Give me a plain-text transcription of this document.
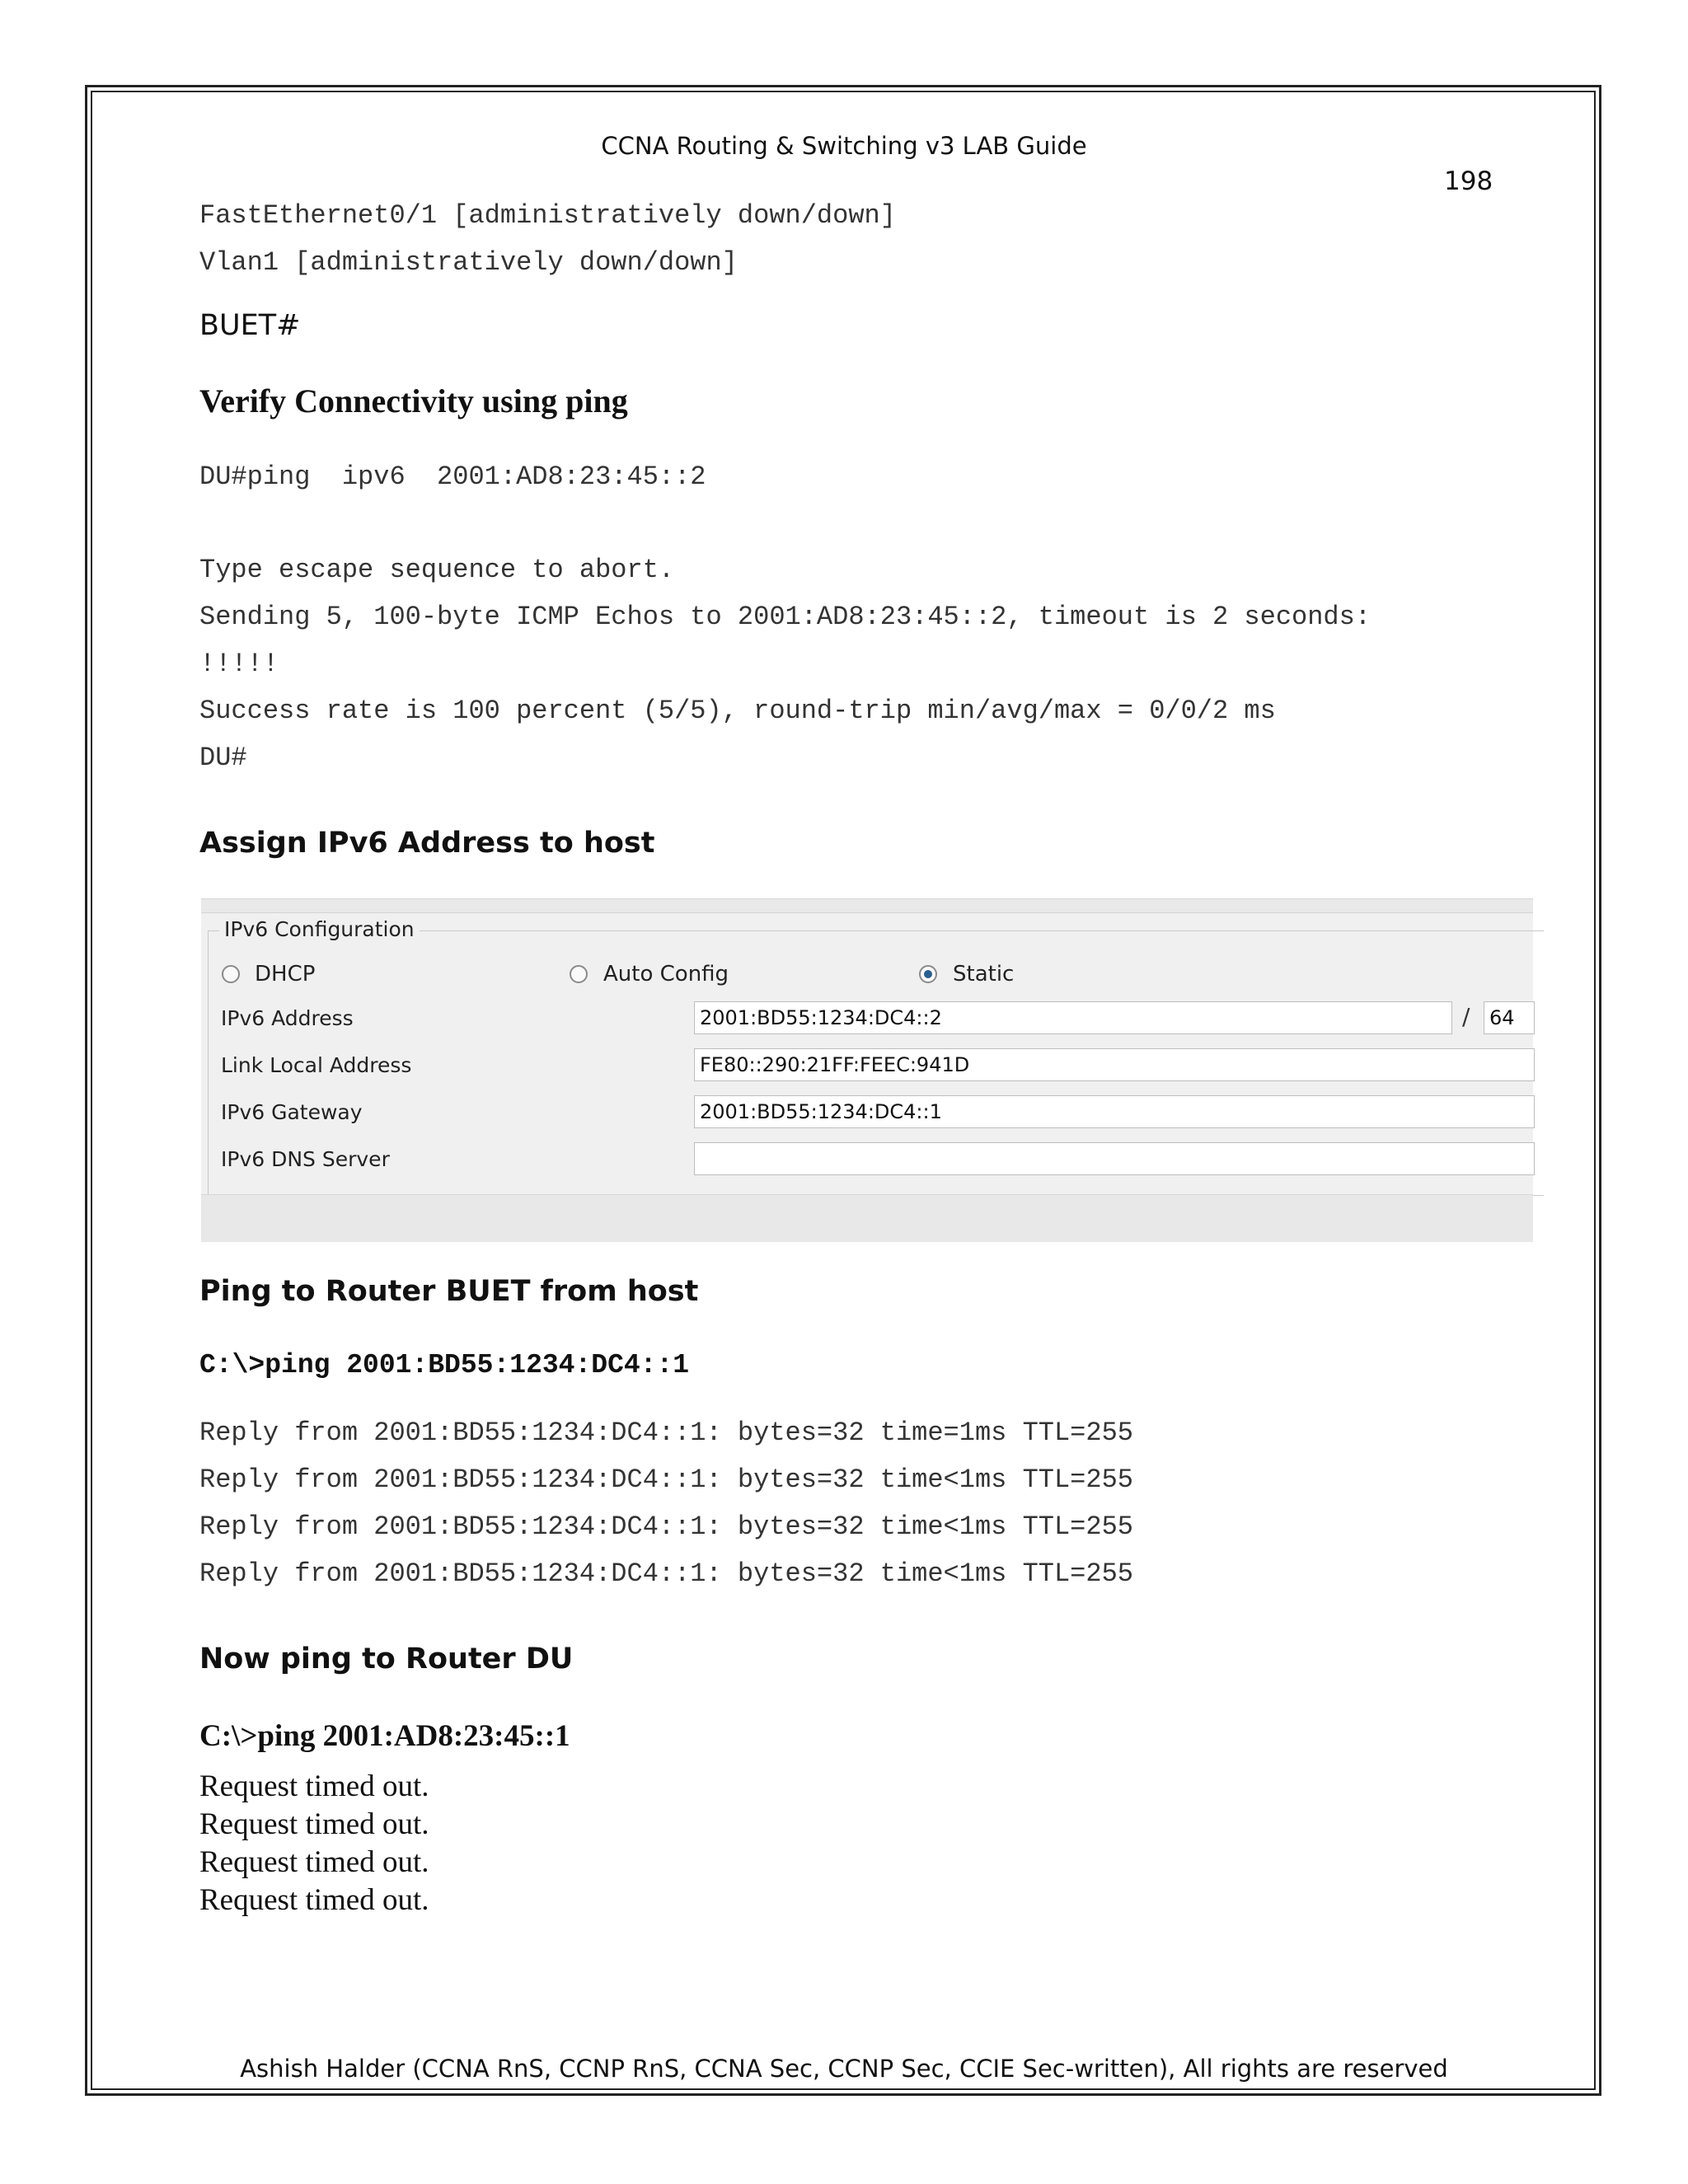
CCNA Routing & Switching v3 LAB Guide
198
FastEthernet0/1 [administratively down/down]
Vlan1 [administratively down/down]
BUET#
Verify Connectivity using ping
DU#ping  ipv6  2001:AD8:23:45::2
Type escape sequence to abort.
Sending 5, 100-byte ICMP Echos to 2001:AD8:23:45::2, timeout is 2 seconds:
!!!!!
Success rate is 100 percent (5/5), round-trip min/avg/max = 0/0/2 ms
DU#
Assign IPv6 Address to host
IPv6 Configuration
DHCP	Auto Config	Static
IPv6 Address	2001:BD55:1234:DC4::2	/ 64
Link Local Address	FE80::290:21FF:FEEC:941D
IPv6 Gateway	2001:BD55:1234:DC4::1
IPv6 DNS Server
Ping to Router BUET from host
C:\>ping 2001:BD55:1234:DC4::1
Reply from 2001:BD55:1234:DC4::1: bytes=32 time=1ms TTL=255
Reply from 2001:BD55:1234:DC4::1: bytes=32 time<1ms TTL=255
Reply from 2001:BD55:1234:DC4::1: bytes=32 time<1ms TTL=255
Reply from 2001:BD55:1234:DC4::1: bytes=32 time<1ms TTL=255
Now ping to Router DU
C:\>ping 2001:AD8:23:45::1
Request timed out.
Request timed out.
Request timed out.
Request timed out.
Ashish Halder (CCNA RnS, CCNP RnS, CCNA Sec, CCNP Sec, CCIE Sec-written), All rights are reserved
